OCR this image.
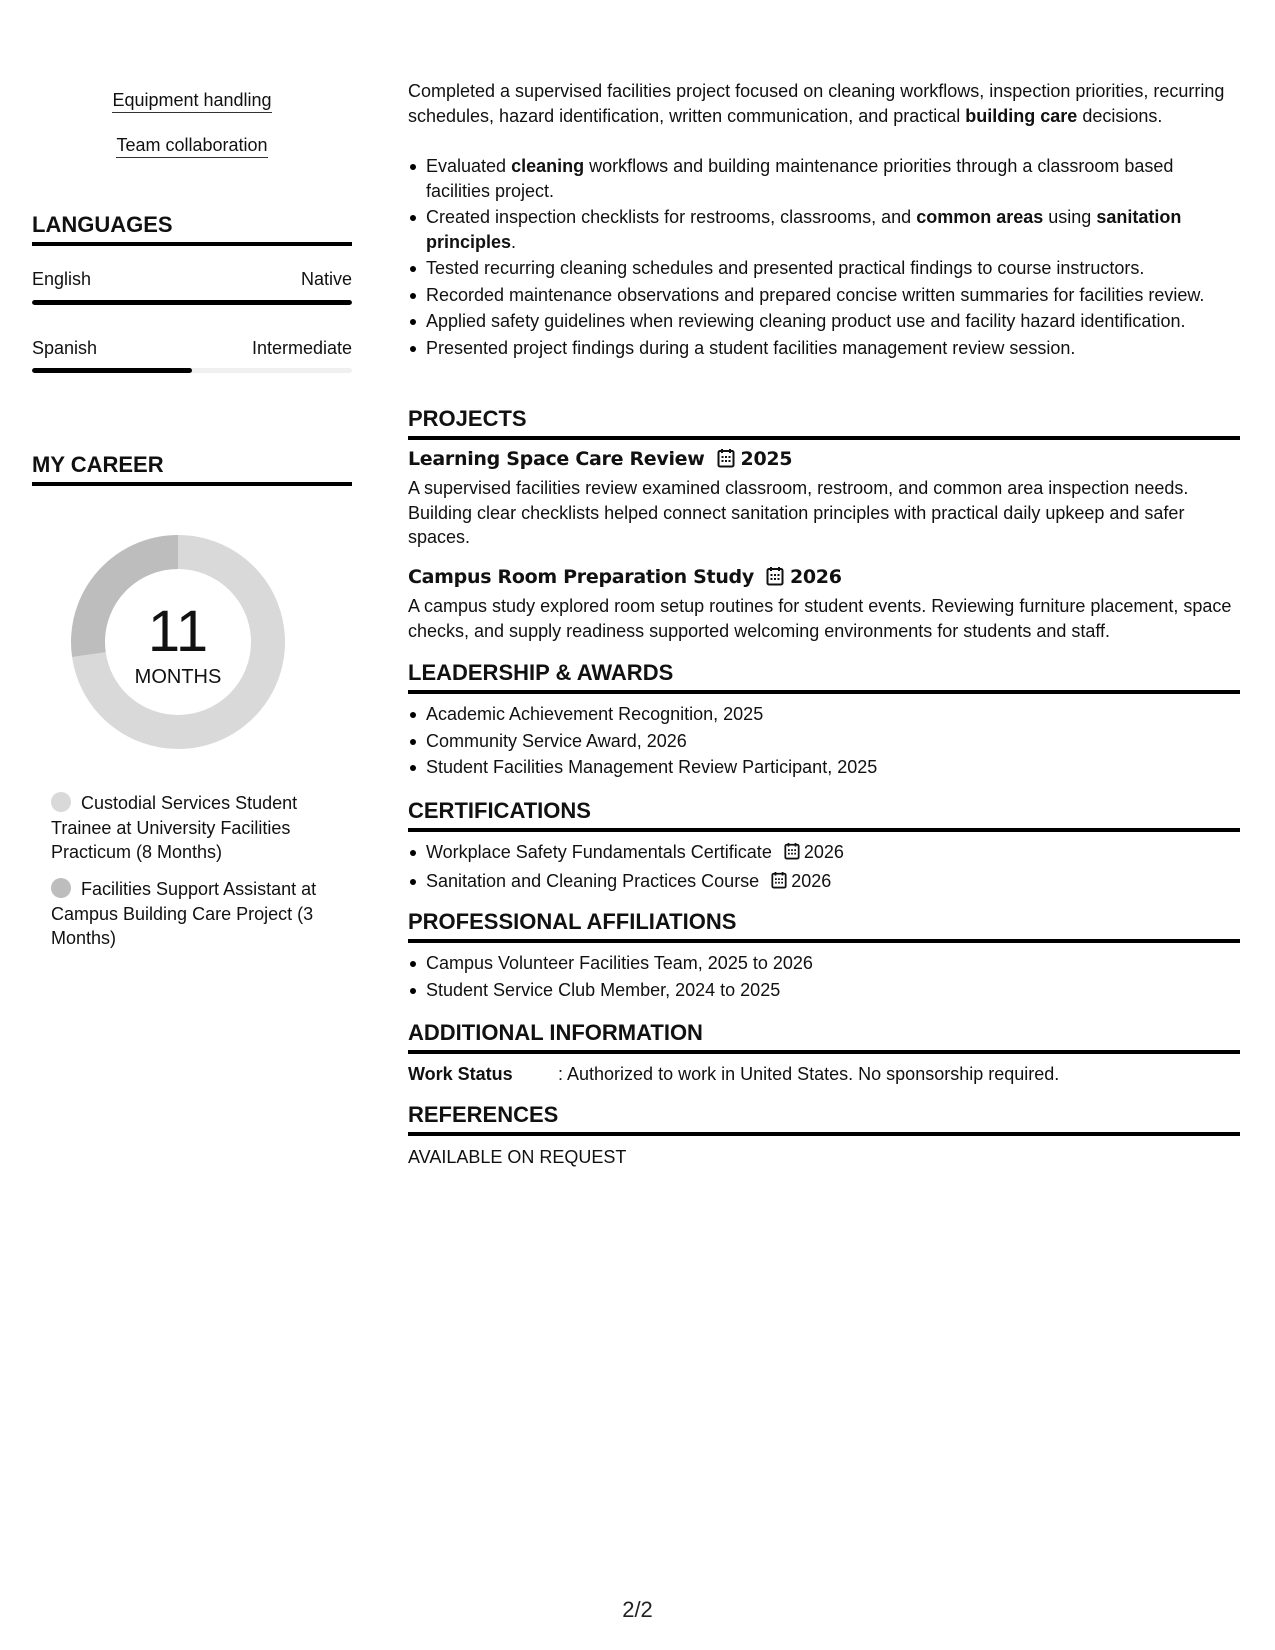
Equipment handling
Team collaboration
LANGUAGES
English	Native
Spanish	Intermediate
MY CAREER
11
MONTHS
Custodial Services Student Trainee at University Facilities Practicum (8 Months)
Facilities Support Assistant at Campus Building Care Project (3 Months)

Completed a supervised facilities project focused on cleaning workflows, inspection priorities, recurring schedules, hazard identification, written communication, and practical building care decisions.

Evaluated cleaning workflows and building maintenance priorities through a classroom based facilities project.
Created inspection checklists for restrooms, classrooms, and common areas using sanitation principles.
Tested recurring cleaning schedules and presented practical findings to course instructors.
Recorded maintenance observations and prepared concise written summaries for facilities review.
Applied safety guidelines when reviewing cleaning product use and facility hazard identification.
Presented project findings during a student facilities management review session.
PROJECTS
Learning Space Care Review 2025

A supervised facilities review examined classroom, restroom, and common area inspection needs. Building clear checklists helped connect sanitation principles with practical daily upkeep and safer spaces.

Campus Room Preparation Study 2026

A campus study explored room setup routines for student events. Reviewing furniture placement, space checks, and supply readiness supported welcoming environments for students and staff.

LEADERSHIP & AWARDS
Academic Achievement Recognition, 2025
Community Service Award, 2026
Student Facilities Management Review Participant, 2025
CERTIFICATIONS
Workplace Safety Fundamentals Certificate 2026
Sanitation and Cleaning Practices Course 2026
PROFESSIONAL AFFILIATIONS
Campus Volunteer Facilities Team, 2025 to 2026
Student Service Club Member, 2024 to 2025
ADDITIONAL INFORMATION
Work Status	: Authorized to work in United States. No sponsorship required.
REFERENCES
AVAILABLE ON REQUEST
2/2
